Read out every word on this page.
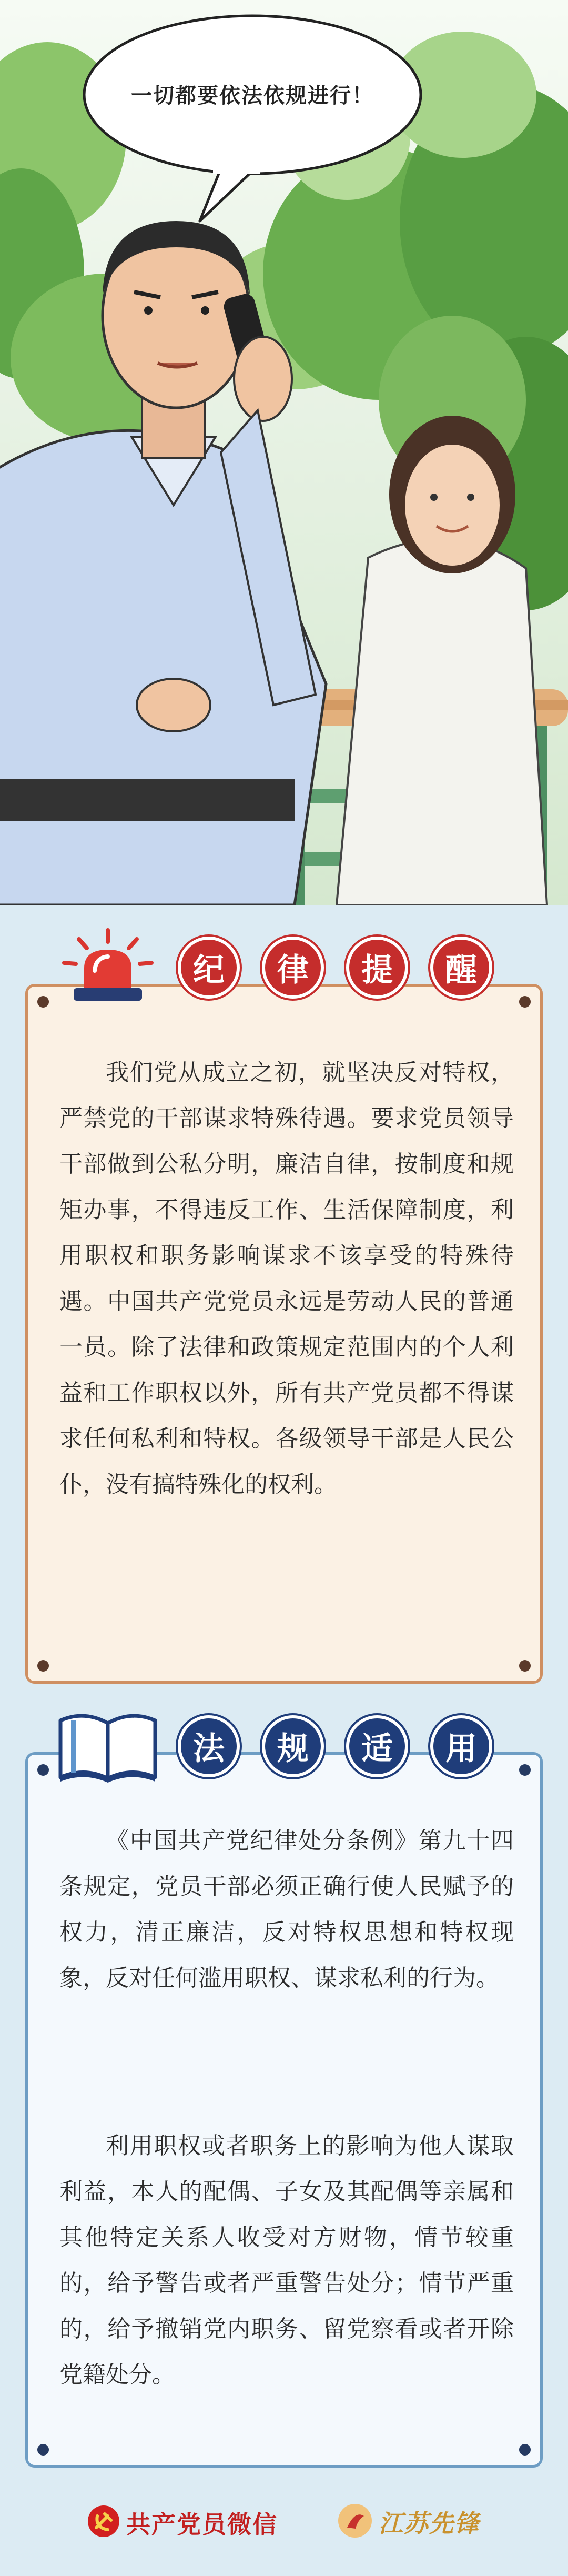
一切都要依法依规进行！

我们党从成立之初，就坚决反对特权，严禁党的干部谋求特殊待遇。要求党员领导干部做到公私分明，廉洁自律，按制度和规矩办事，不得违反工作、生活保障制度，利用职权和职务影响谋求不该享受的特殊待遇。中国共产党党员永远是劳动人民的普通一员。除了法律和政策规定范围内的个人利益和工作职权以外，所有共产党员都不得谋求任何私利和特权。各级领导干部是人民公仆，没有搞特殊化的权利。

纪	律	提	醒

《中国共产党纪律处分条例》第九十四条规定，党员干部必须正确行使人民赋予的权力，清正廉洁，反对特权思想和特权现象，反对任何滥用职权、谋求私利的行为。

利用职权或者职务上的影响为他人谋取利益，本人的配偶、子女及其配偶等亲属和其他特定关系人收受对方财物，情节较重的，给予警告或者严重警告处分；情节严重的，给予撤销党内职务、留党察看或者开除党籍处分。

法	规	适	用
共产党员微信	江苏先锋
